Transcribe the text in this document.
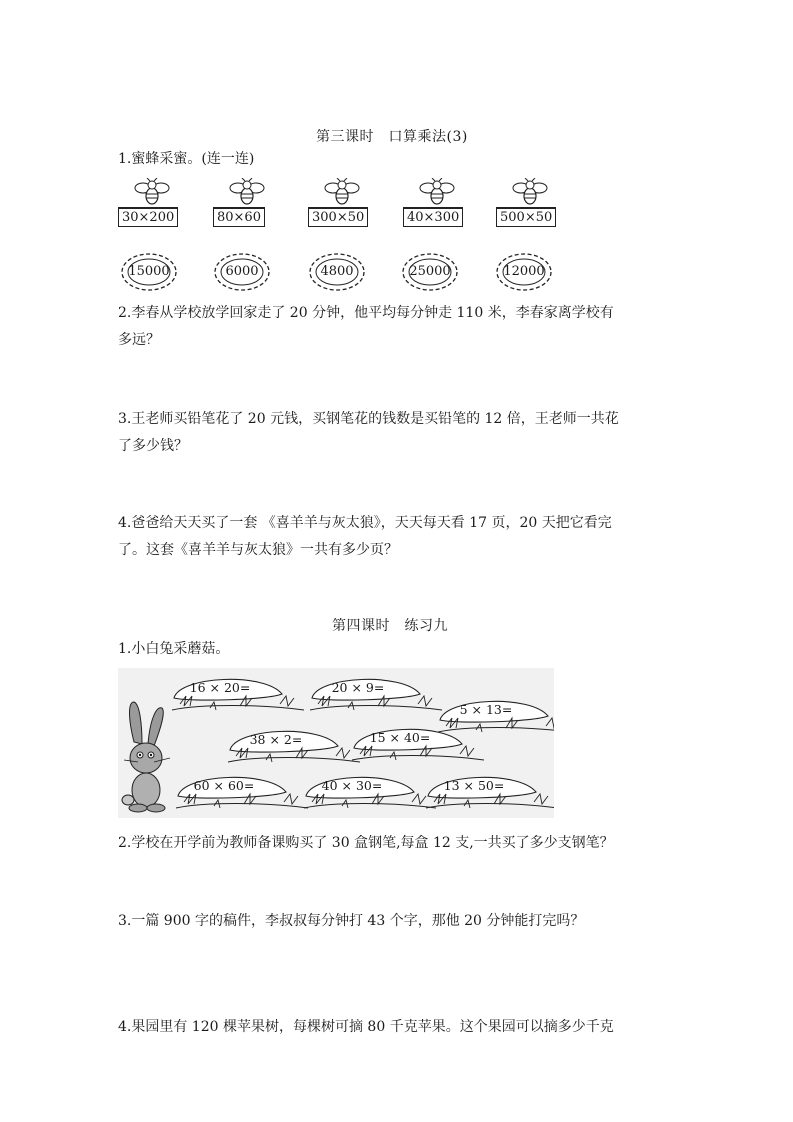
第三课时　口算乘法(3)
1.蜜蜂采蜜。(连一连)
30×200	80×60	300×50	40×300	500×50
15000	6000	4800	25000	12000
2.李春从学校放学回家走了 20 分钟，他平均每分钟走 110 米，李春家离学校有
多远？
3.王老师买铅笔花了 20 元钱，买钢笔花的钱数是买铅笔的 12 倍，王老师一共花
了多少钱？
4.爸爸给天天买了一套 《喜羊羊与灰太狼》，天天每天看 17 页，20 天把它看完
了。这套《喜羊羊与灰太狼》一共有多少页？
第四课时　练习九
1.小白兔采蘑菇。
16 × 20=	20 × 9=
5 × 13=
38 × 2=	15 × 40=
60 × 60=	40 × 30=	13 × 50=
2.学校在开学前为教师备课购买了 30 盒钢笔,每盒 12 支,一共买了多少支钢笔？
3.一篇 900 字的稿件，李叔叔每分钟打 43 个字，那他 20 分钟能打完吗？
4.果园里有 120 棵苹果树，每棵树可摘 80 千克苹果。这个果园可以摘多少千克
